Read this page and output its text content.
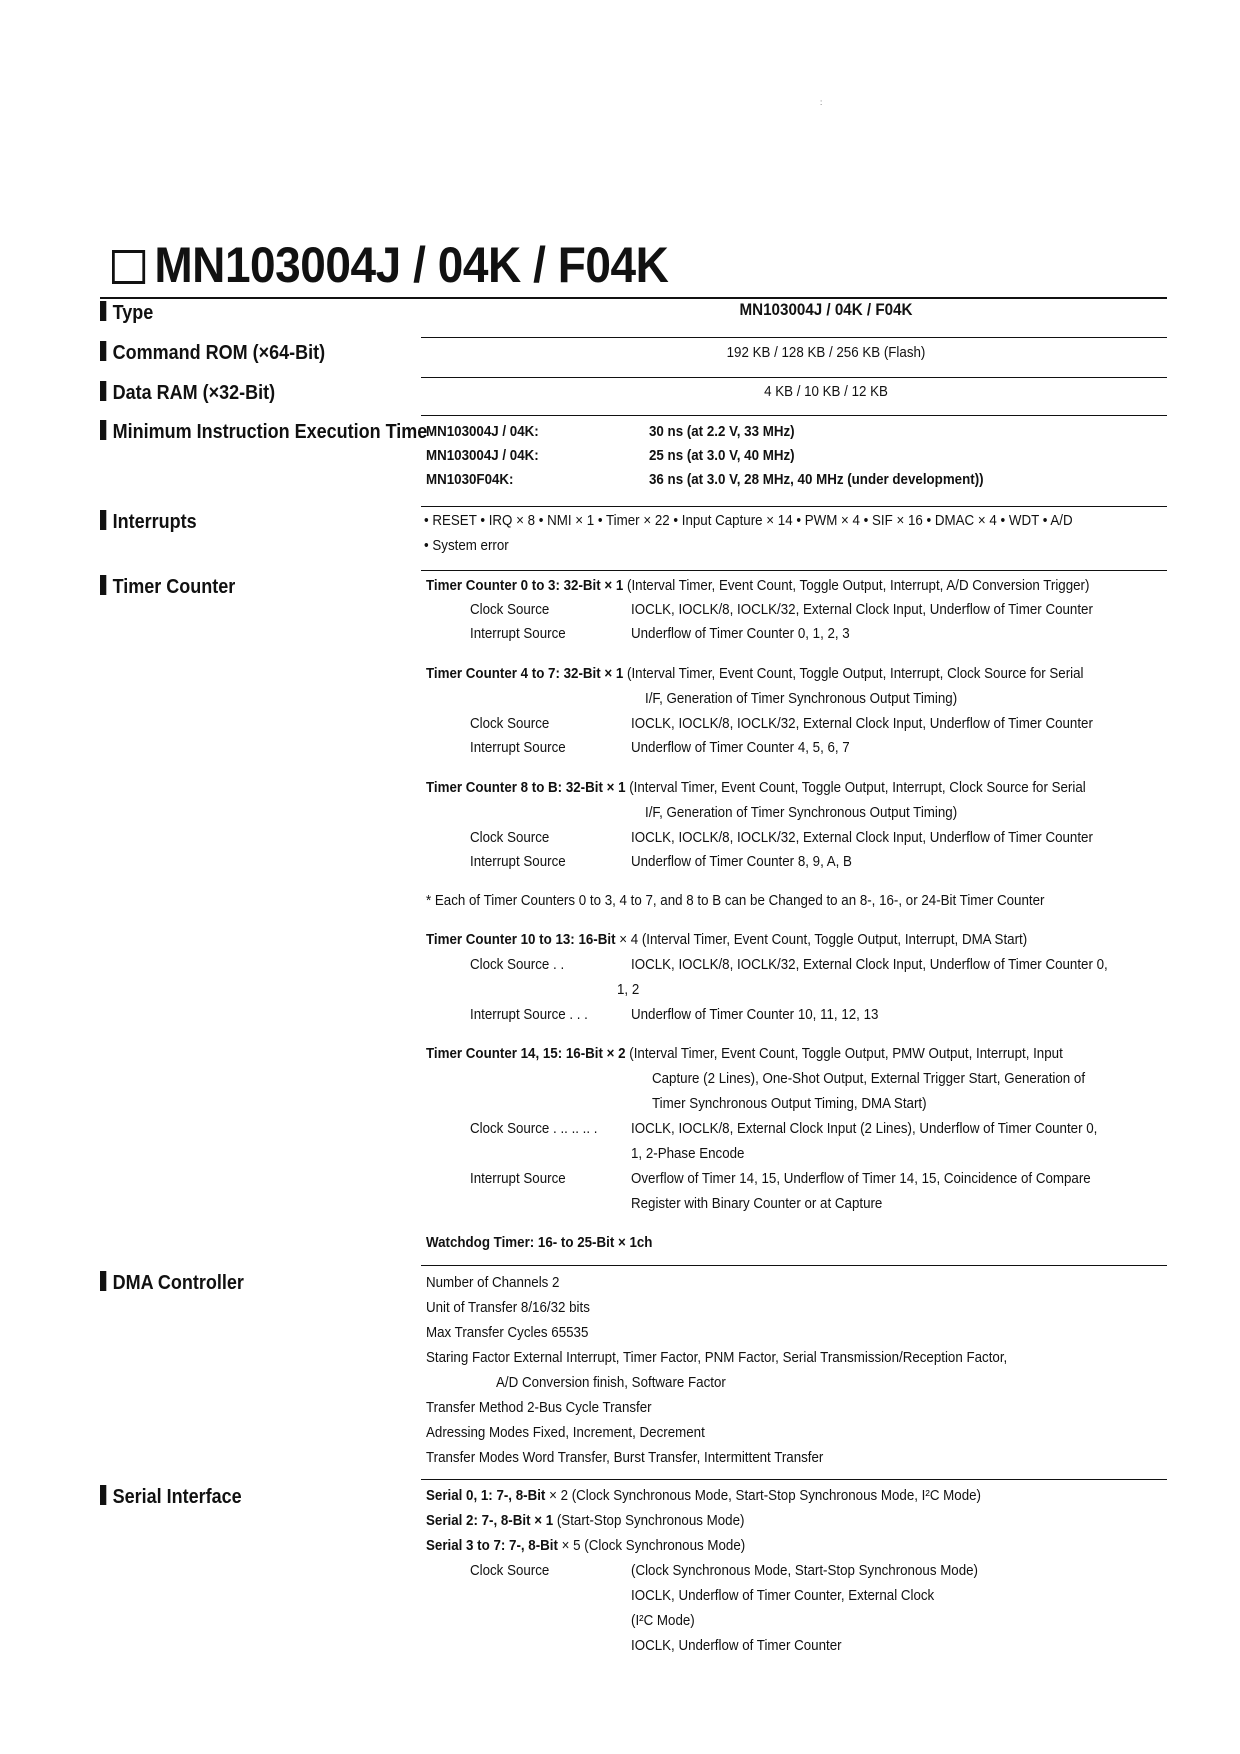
:
MN103004J / 04K / F04K
Type	MN103004J / 04K / F04K
Command ROM (×64-Bit)	192 KB / 128 KB / 256 KB (Flash)
Data RAM (×32-Bit)	4 KB / 10 KB / 12 KB
Minimum Instruction Execution Time
MN103004J / 04K:	30 ns (at 2.2 V, 33 MHz)
MN103004J / 04K:	25 ns (at 3.0 V, 40 MHz)
MN1030F04K:	36 ns (at 3.0 V, 28 MHz, 40 MHz (under development))
Interrupts	• RESET • IRQ × 8 • NMI × 1 • Timer × 22 • Input Capture × 14 • PWM × 4 • SIF × 16 • DMAC × 4 • WDT • A/D
• System error
Timer Counter	Timer Counter 0 to 3: 32-Bit × 1 (Interval Timer, Event Count, Toggle Output, Interrupt, A/D Conversion Trigger)
Clock Source	IOCLK, IOCLK/8, IOCLK/32, External Clock Input, Underflow of Timer Counter
Interrupt Source	Underflow of Timer Counter 0, 1, 2, 3
Timer Counter 4 to 7: 32-Bit × 1 (Interval Timer, Event Count, Toggle Output, Interrupt, Clock Source for Serial
I/F, Generation of Timer Synchronous Output Timing)
Clock Source	IOCLK, IOCLK/8, IOCLK/32, External Clock Input, Underflow of Timer Counter
Interrupt Source	Underflow of Timer Counter 4, 5, 6, 7
Timer Counter 8 to B: 32-Bit × 1 (Interval Timer, Event Count, Toggle Output, Interrupt, Clock Source for Serial
I/F, Generation of Timer Synchronous Output Timing)
Clock Source	IOCLK, IOCLK/8, IOCLK/32, External Clock Input, Underflow of Timer Counter
Interrupt Source	Underflow of Timer Counter 8, 9, A, B
* Each of Timer Counters 0 to 3, 4 to 7, and 8 to B can be Changed to an 8-, 16-, or 24-Bit Timer Counter
Timer Counter 10 to 13: 16-Bit × 4 (Interval Timer, Event Count, Toggle Output, Interrupt, DMA Start)
Clock Source . .	IOCLK, IOCLK/8, IOCLK/32, External Clock Input, Underflow of Timer Counter 0,
1, 2
Interrupt Source . . .	Underflow of Timer Counter 10, 11, 12, 13
Timer Counter 14, 15: 16-Bit × 2 (Interval Timer, Event Count, Toggle Output, PMW Output, Interrupt, Input
Capture (2 Lines), One-Shot Output, External Trigger Start, Generation of
Timer Synchronous Output Timing, DMA Start)
Clock Source . .. .. .. . IOCLK, IOCLK/8, External Clock Input (2 Lines), Underflow of Timer Counter 0,
1, 2-Phase Encode
Interrupt Source	Overflow of Timer 14, 15, Underflow of Timer 14, 15, Coincidence of Compare
Register with Binary Counter or at Capture
Watchdog Timer: 16- to 25-Bit × 1ch
DMA Controller	Number of Channels 2
Unit of Transfer 8/16/32 bits
Max Transfer Cycles 65535
Staring Factor External Interrupt, Timer Factor, PNM Factor, Serial Transmission/Reception Factor,
A/D Conversion finish, Software Factor
Transfer Method 2-Bus Cycle Transfer
Adressing Modes Fixed, Increment, Decrement
Transfer Modes Word Transfer, Burst Transfer, Intermittent Transfer
Serial Interface	Serial 0, 1: 7-, 8-Bit × 2 (Clock Synchronous Mode, Start-Stop Synchronous Mode, I²C Mode)
Serial 2: 7-, 8-Bit × 1 (Start-Stop Synchronous Mode)
Serial 3 to 7: 7-, 8-Bit × 5 (Clock Synchronous Mode)
Clock Source	(Clock Synchronous Mode, Start-Stop Synchronous Mode)
IOCLK, Underflow of Timer Counter, External Clock
(I²C Mode)
IOCLK, Underflow of Timer Counter
